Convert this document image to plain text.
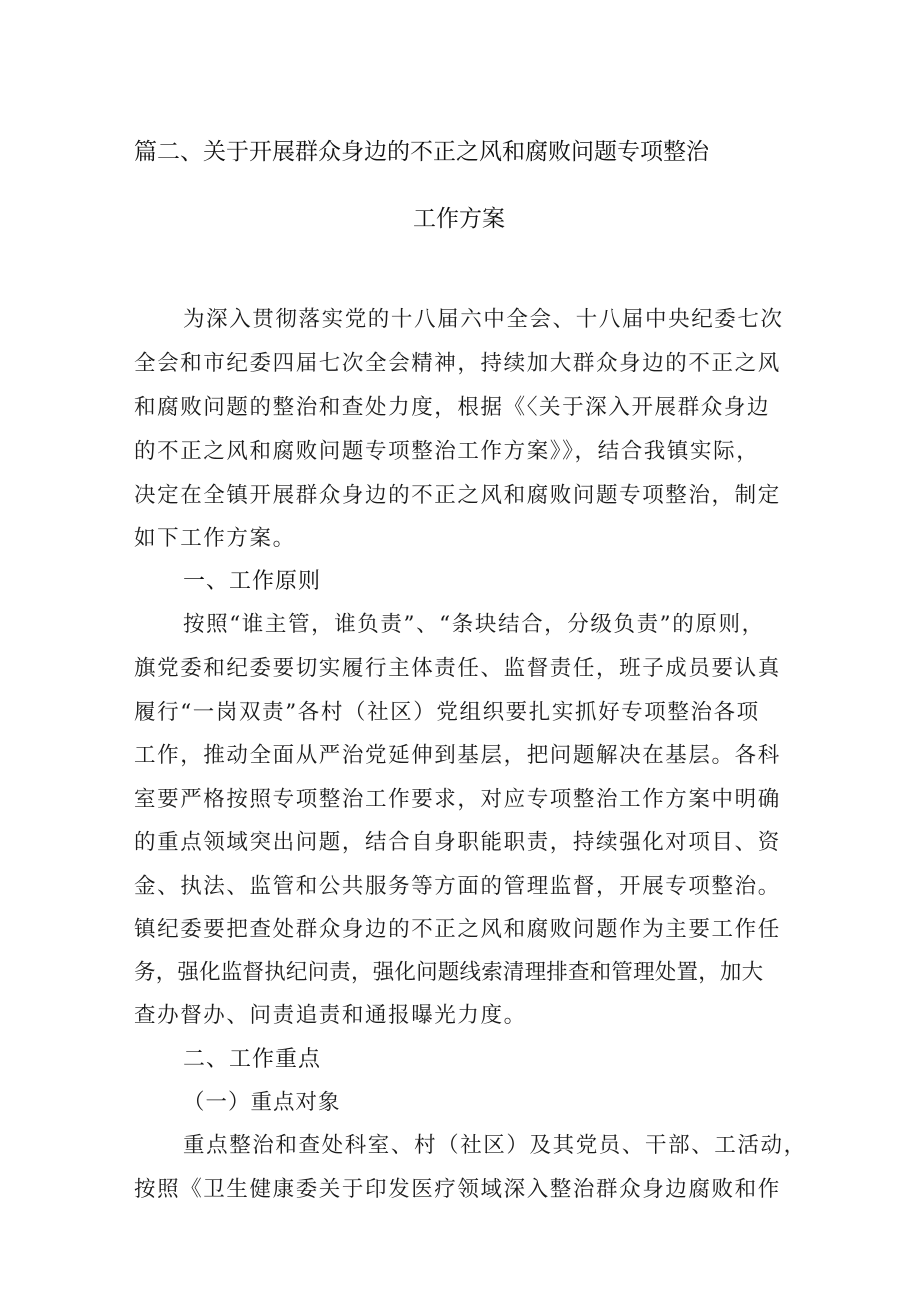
篇二、关于开展群众身边的不正之风和腐败问题专项整治
工作方案
为深入贯彻落实党的十八届六中全会、十八届中央纪委七次
全会和市纪委四届七次全会精神，持续加大群众身边的不正之风
和腐败问题的整治和查处力度，根据《〈关于深入开展群众身边
的不正之风和腐败问题专项整治工作方案》》，结合我镇实际，
决定在全镇开展群众身边的不正之风和腐败问题专项整治，制定
如下工作方案。
一、工作原则
按照“谁主管，谁负责”、“条块结合，分级负责”的原则，
旗党委和纪委要切实履行主体责任、监督责任，班子成员要认真
履行“一岗双责”各村（社区）党组织要扎实抓好专项整治各项
工作，推动全面从严治党延伸到基层，把问题解决在基层。各科
室要严格按照专项整治工作要求，对应专项整治工作方案中明确
的重点领域突出问题，结合自身职能职责，持续强化对项目、资
金、执法、监管和公共服务等方面的管理监督，开展专项整治。
镇纪委要把查处群众身边的不正之风和腐败问题作为主要工作任
务，强化监督执纪问责，强化问题线索清理排查和管理处置，加大
查办督办、问责追责和通报曝光力度。
二、工作重点
（一）重点对象
重点整治和查处科室、村（社区）及其党员、干部、工活动，
按照《卫生健康委关于印发医疗领域深入整治群众身边腐败和作
